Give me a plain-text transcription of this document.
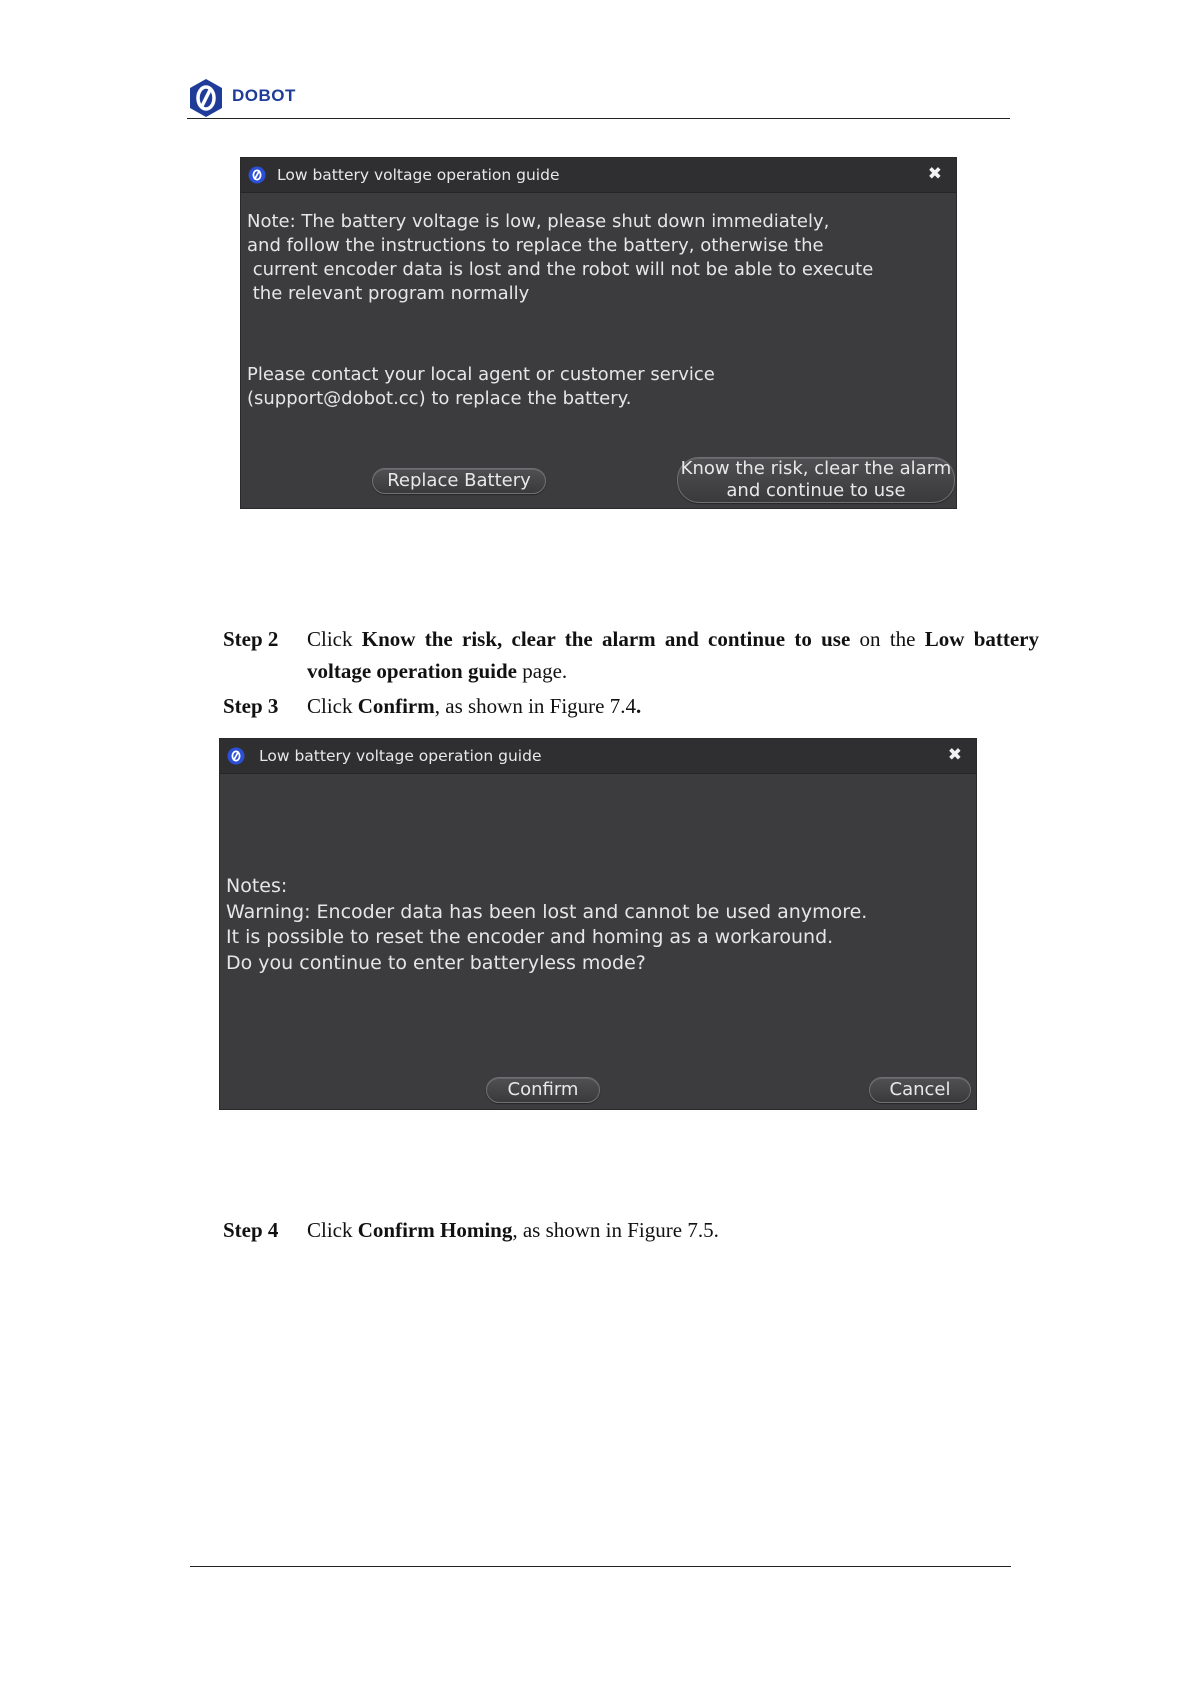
DOBOT
Low battery voltage operation guide	✖
Note: The battery voltage is low, please shut down immediately,
and follow the instructions to replace the battery, otherwise the
current encoder data is lost and the robot will not be able to execute
the relevant program normally
Please contact your local agent or customer service
(support@dobot.cc) to replace the battery.
Replace Battery
Know the risk, clear the alarm
and continue to use
Step 2 Click Know the risk, clear the alarm and continue to use on the Low battery voltage operation guide page.
Step 3 Click Confirm, as shown in Figure 7.4.
Low battery voltage operation guide	✖
Notes:
Warning: Encoder data has been lost and cannot be used anymore.
It is possible to reset the encoder and homing as a workaround.
Do you continue to enter batteryless mode?
Confirm	Cancel
Step 4 Click Confirm Homing, as shown in Figure 7.5.
